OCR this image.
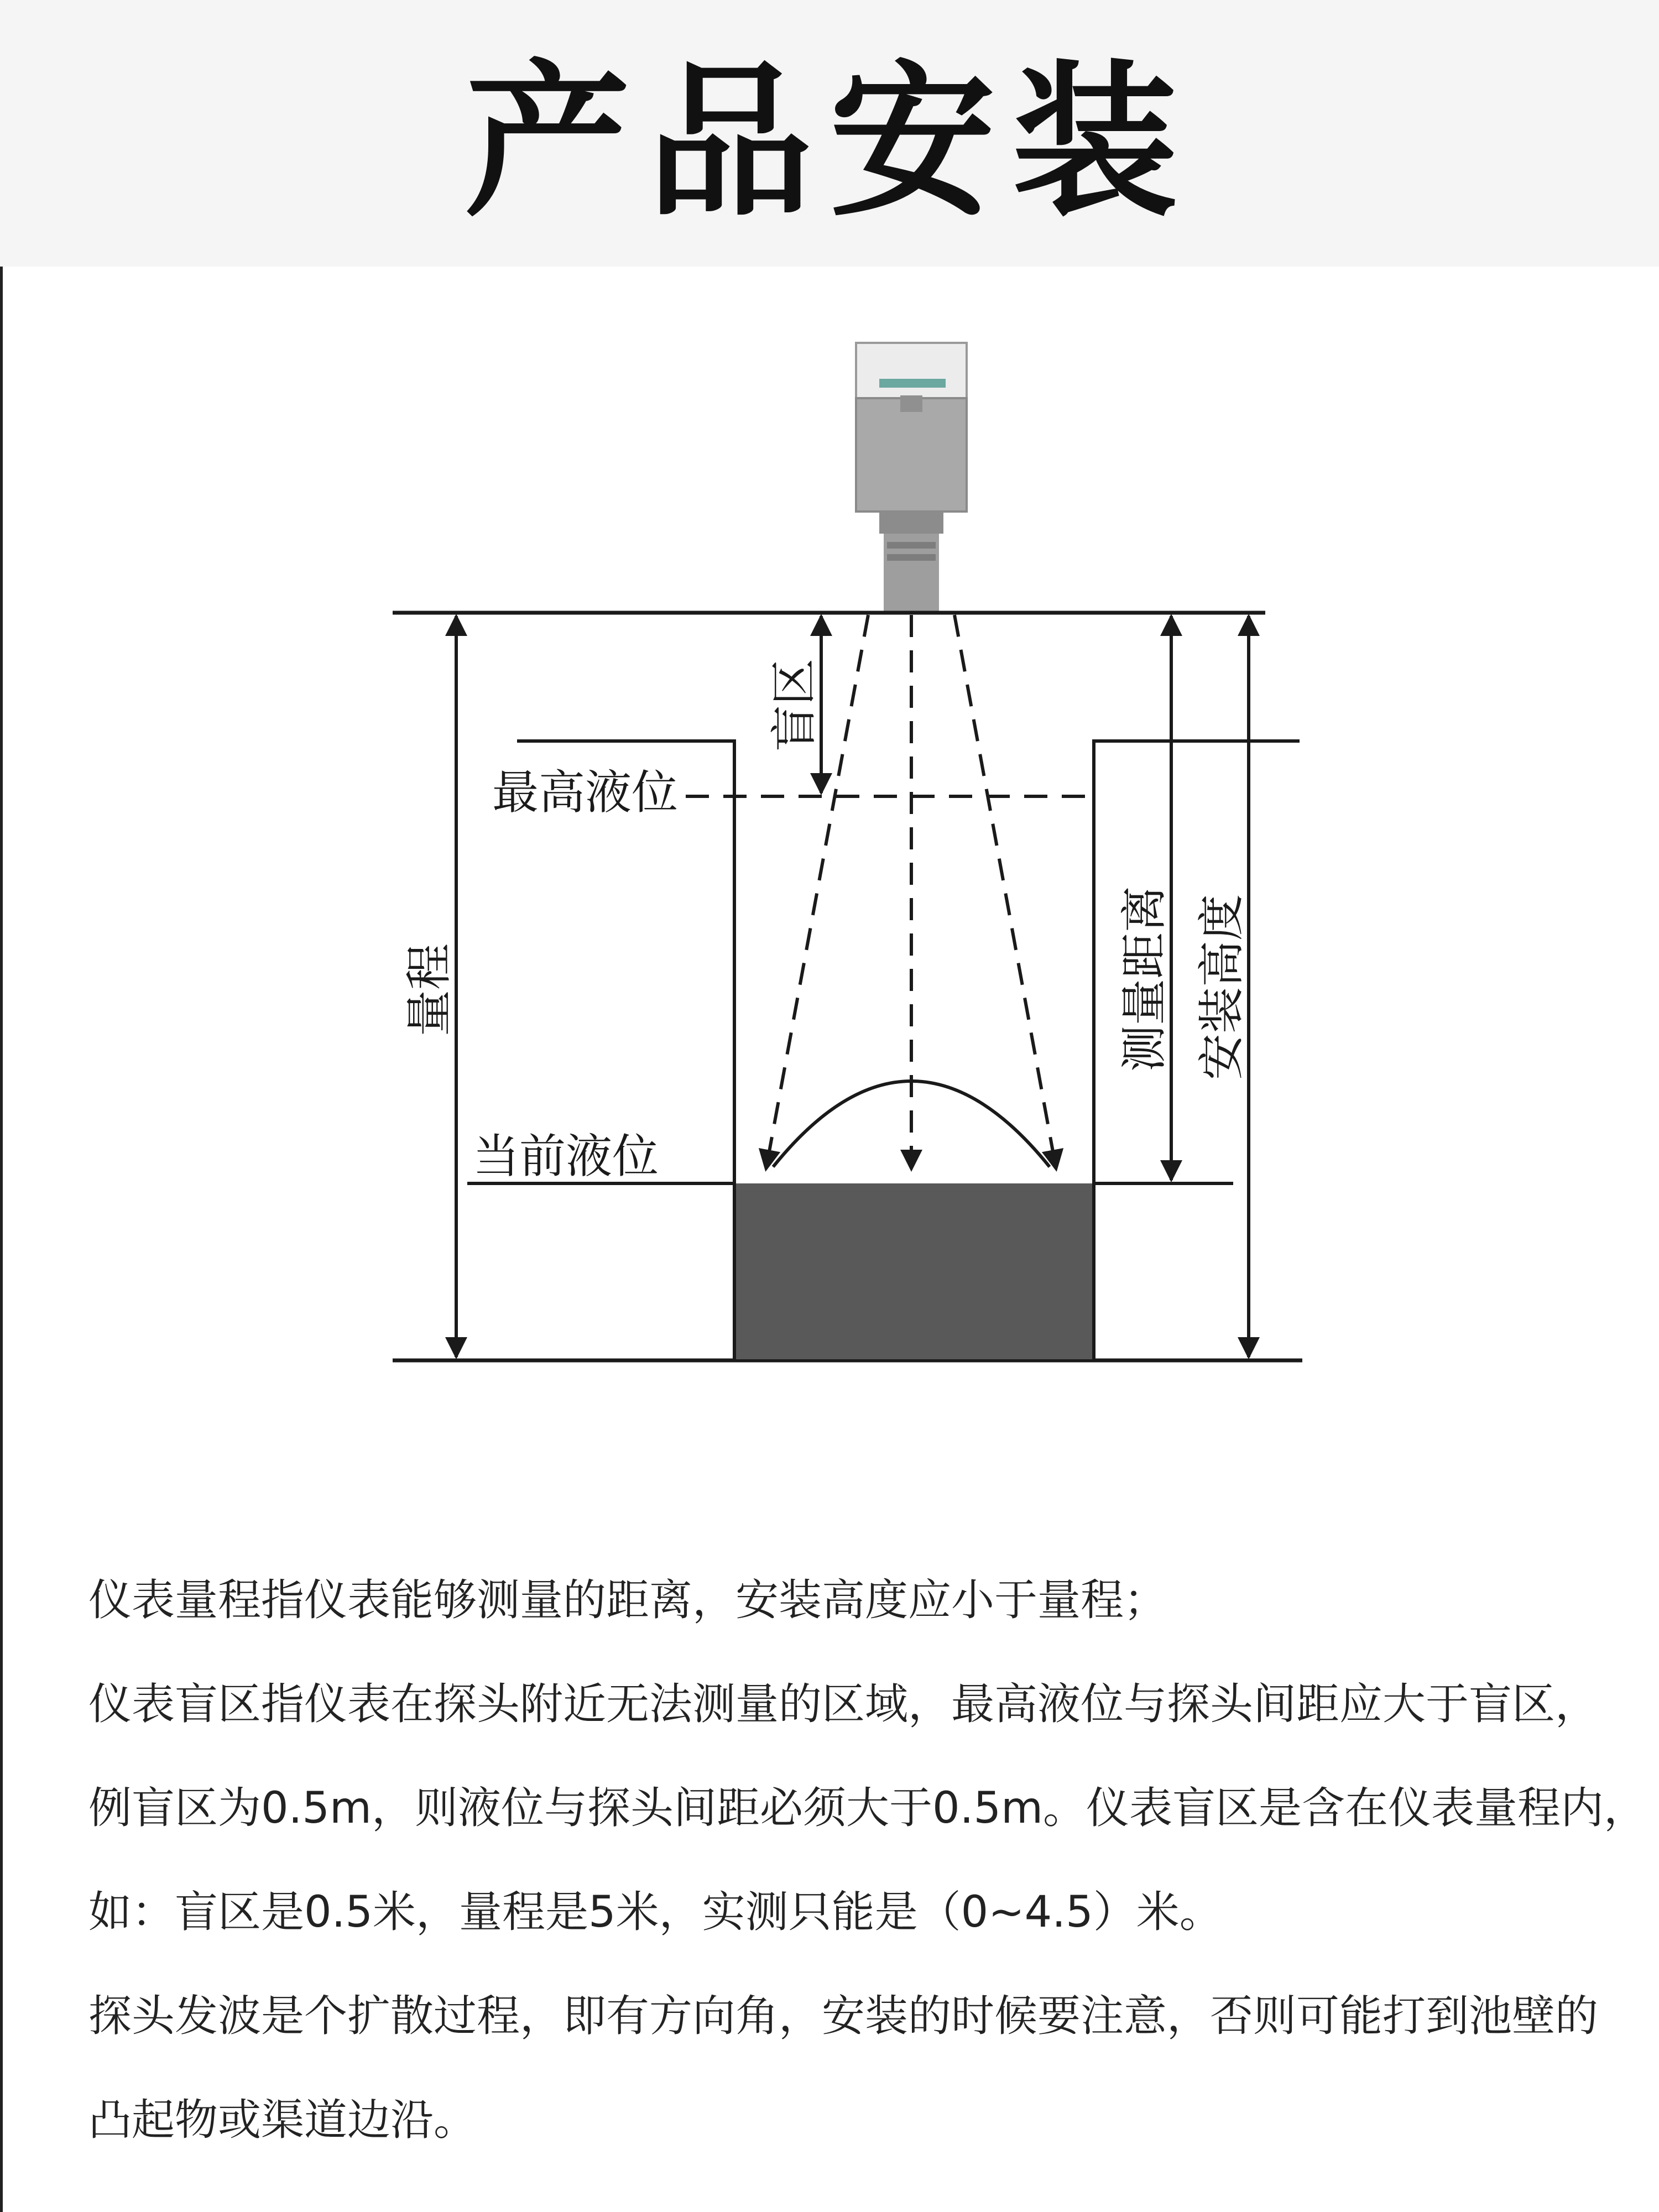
产品安装
最高液位
当前液位
量程
盲区
测量距离 安装高度

仪表量程指仪表能够测量的距离，安装高度应小于量程；

仪表盲区指仪表在探头附近无法测量的区域，最高液位与探头间距应大于盲区，

例盲区为0.5m，则液位与探头间距必须大于0.5m。仪表盲区是含在仪表量程内，

如：盲区是0.5米，量程是5米，实测只能是（0~4.5）米。

探头发波是个扩散过程，即有方向角，安装的时候要注意，否则可能打到池壁的

凸起物或渠道边沿。
